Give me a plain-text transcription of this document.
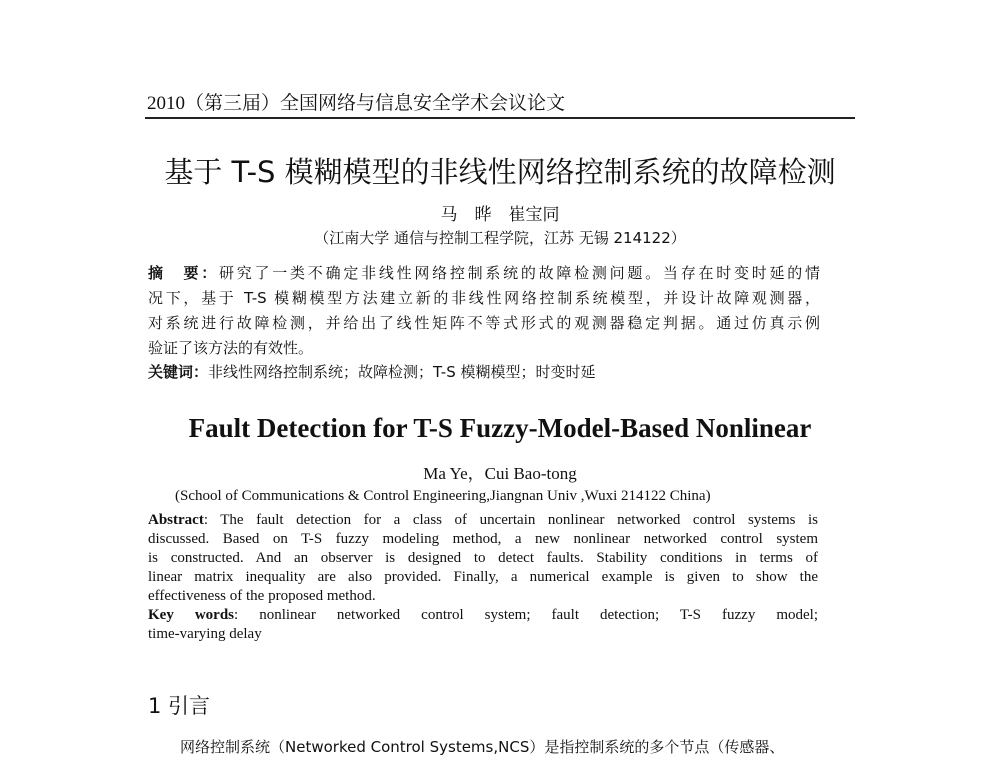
2010（第三届）全国网络与信息安全学术会议论文
基于 T-S 模糊模型的非线性网络控制系统的故障检测
马　晔　崔宝同
（江南大学 通信与控制工程学院，江苏 无锡 214122）
摘　要：研究了一类不确定非线性网络控制系统的故障检测问题。当存在时变时延的情
况下，基于 T-S 模糊模型方法建立新的非线性网络控制系统模型，并设计故障观测器，
对系统进行故障检测，并给出了线性矩阵不等式形式的观测器稳定判据。通过仿真示例
验证了该方法的有效性。
关键词：非线性网络控制系统；故障检测；T-S 模糊模型；时变时延
Fault Detection for T-S Fuzzy-Model-Based Nonlinear
Ma Ye，Cui Bao-tong
(School of Communications & Control Engineering,Jiangnan Univ ,Wuxi 214122 China)
Abstract: The fault detection for a class of uncertain nonlinear networked control systems is
discussed. Based on T-S fuzzy modeling method, a new nonlinear networked control system
is constructed. And an observer is designed to detect faults. Stability conditions in terms of
linear matrix inequality are also provided. Finally, a numerical example is given to show the
effectiveness of the proposed method.
Key words: nonlinear networked control system; fault detection; T-S fuzzy model;
time-varying delay
1 引言
网络控制系统（Networked Control Systems,NCS）是指控制系统的多个节点（传感器、
